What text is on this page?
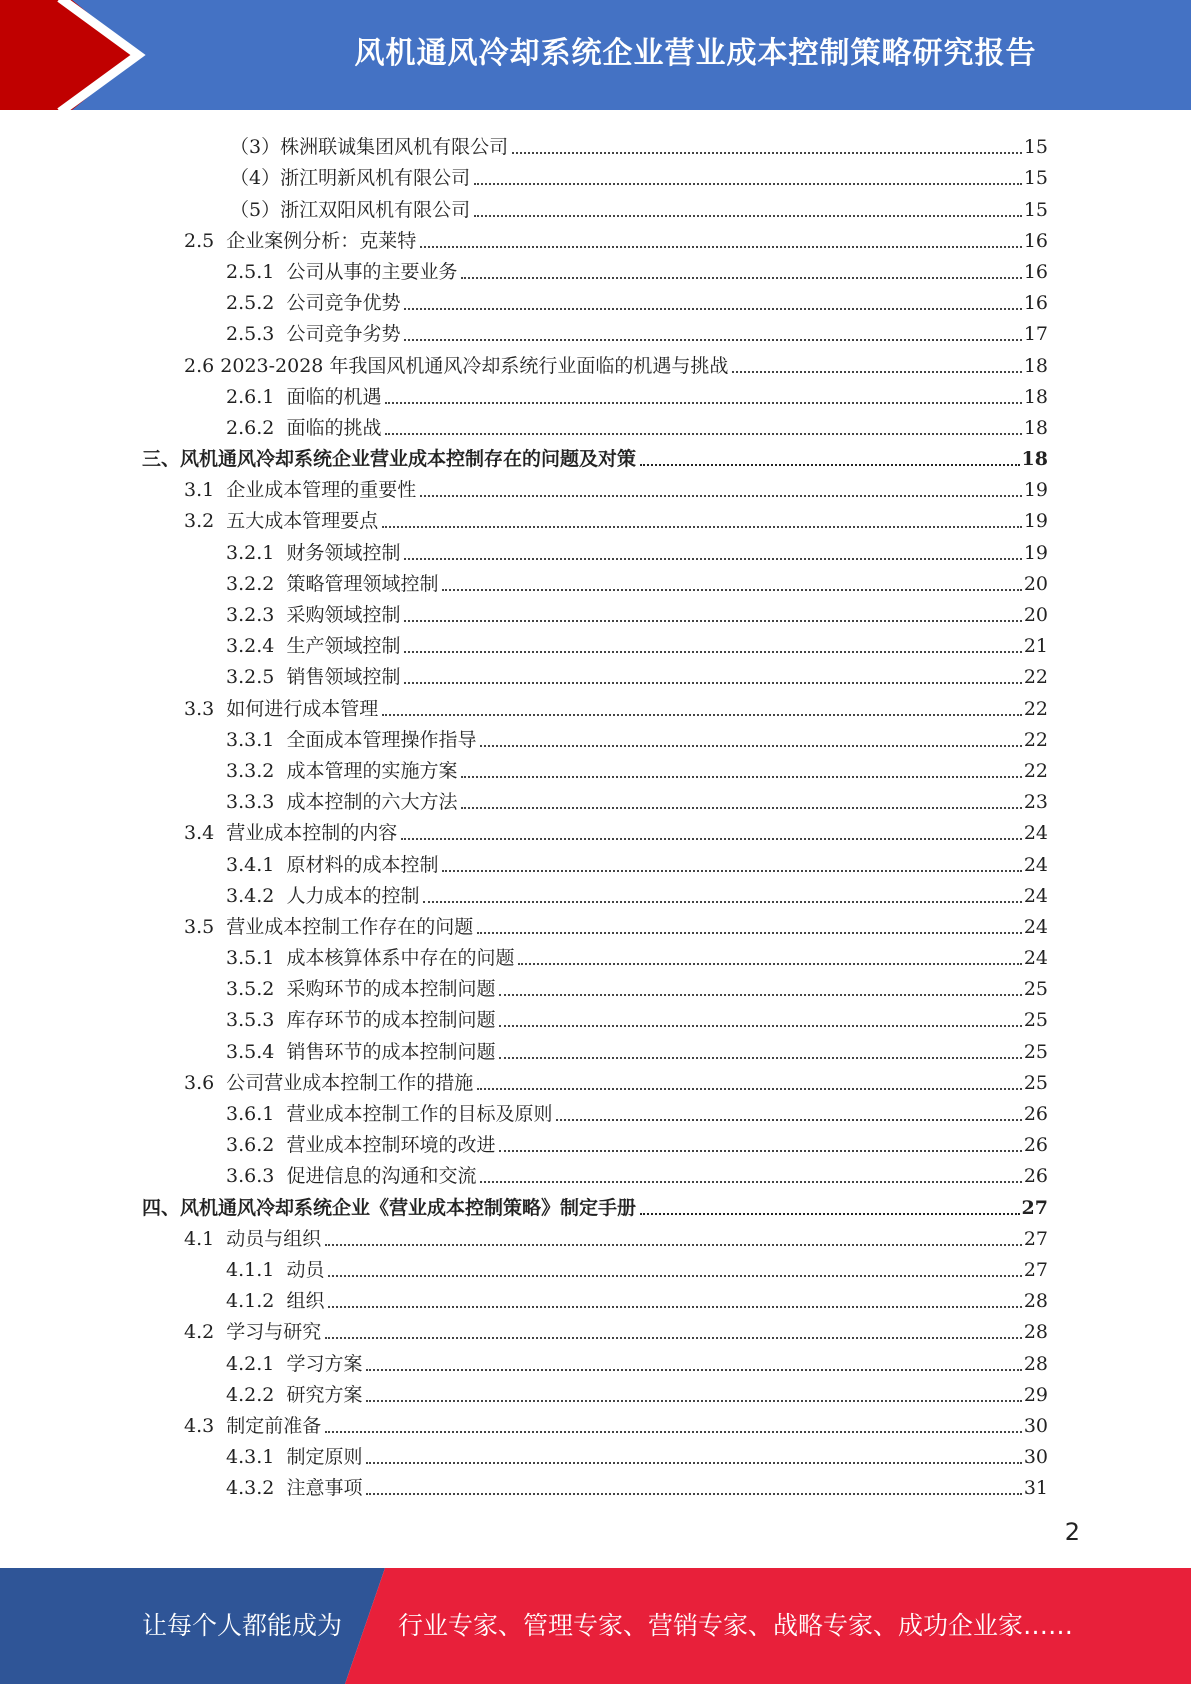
风机通风冷却系统企业营业成本控制策略研究报告
（3） 株洲联诚集团风机有限公司	15
（4） 浙江明新风机有限公司	15
（5） 浙江双阳风机有限公司	15
2.5 企业案例分析：克莱特	16
2.5.1 公司从事的主要业务	16
2.5.2 公司竞争优势	16
2.5.3 公司竞争劣势	17
2.6 2023-2028 年我国风机通风冷却系统行业面临的机遇与挑战	18
2.6.1 面临的机遇	18
2.6.2 面临的挑战	18
三、 风机通风冷却系统企业营业成本控制存在的问题及对策	18
3.1 企业成本管理的重要性	19
3.2 五大成本管理要点	19
3.2.1 财务领域控制	19
3.2.2 策略管理领域控制	20
3.2.3 采购领域控制	20
3.2.4 生产领域控制	21
3.2.5 销售领域控制	22
3.3 如何进行成本管理	22
3.3.1 全面成本管理操作指导	22
3.3.2 成本管理的实施方案	22
3.3.3 成本控制的六大方法	23
3.4 营业成本控制的内容	24
3.4.1 原材料的成本控制	24
3.4.2 人力成本的控制	24
3.5 营业成本控制工作存在的问题	24
3.5.1 成本核算体系中存在的问题	24
3.5.2 采购环节的成本控制问题	25
3.5.3 库存环节的成本控制问题	25
3.5.4 销售环节的成本控制问题	25
3.6 公司营业成本控制工作的措施	25
3.6.1 营业成本控制工作的目标及原则	26
3.6.2 营业成本控制环境的改进	26
3.6.3 促进信息的沟通和交流	26
四、 风机通风冷却系统企业《营业成本控制策略》制定手册	27
4.1 动员与组织	27
4.1.1 动员	27
4.1.2 组织	28
4.2 学习与研究	28
4.2.1 学习方案	28
4.2.2 研究方案	29
4.3 制定前准备	30
4.3.1 制定原则	30
4.3.2 注意事项	31
2
让每个人都能成为	行业专家、管理专家、营销专家、战略专家、成功企业家……
